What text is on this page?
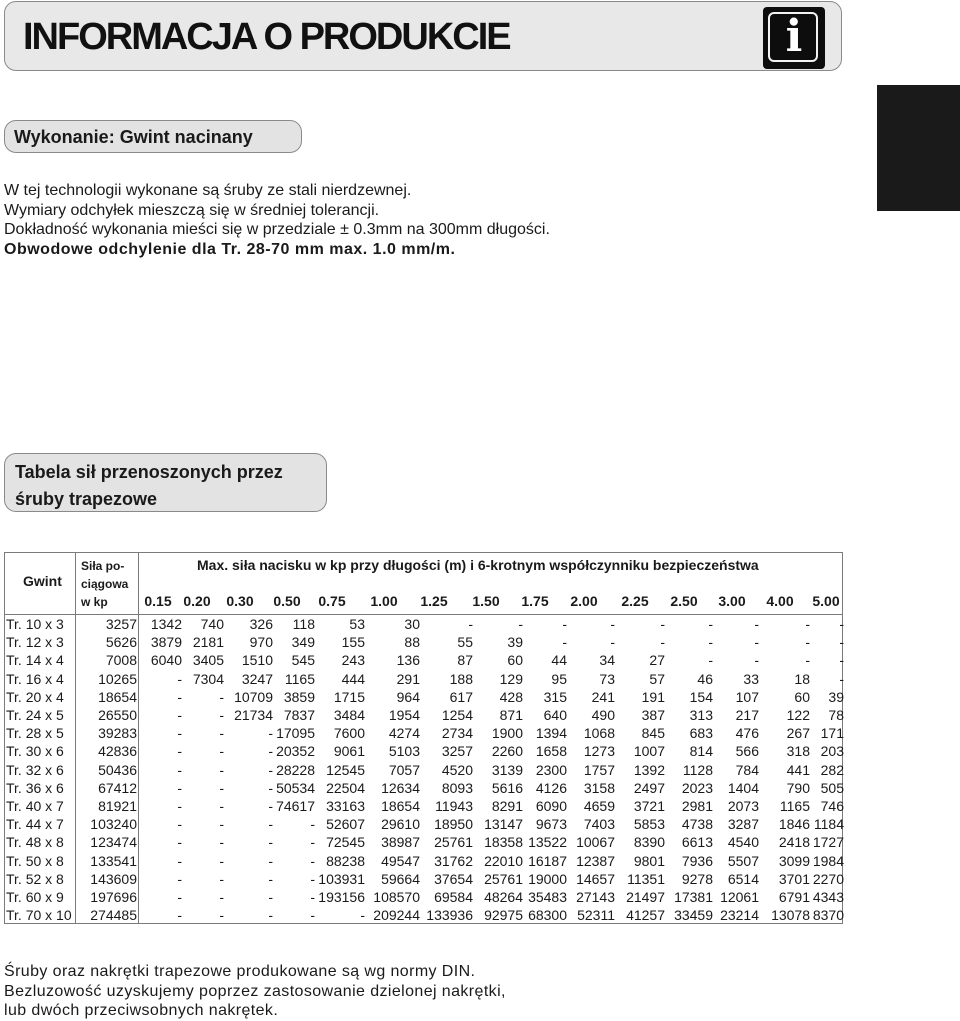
INFORMACJA O PRODUKCIE	i
Wykonanie: Gwint nacinany
W tej technologii wykonane są śruby ze stali nierdzewnej.
Wymiary odchyłek mieszczą się w średniej tolerancji.
Dokładność wykonania mieści się w przedziale ± 0.3mm na 300mm długości.
Obwodowe odchylenie dla Tr. 28-70 mm max. 1.0 mm/m.
Tabela sił przenoszonych przez
śruby trapezowe
Gwint
Siła po-
ciągowa
w kp
Max. siła nacisku w kp przy długości (m) i 6-krotnym współczynniku bezpieczeństwa
0.15 0.20	0.30	0.50	0.75	1.00	1.25	1.50	1.75	2.00	2.25	2.50	3.00	4.00	5.00
Tr. 10 x 3	3257 1342 740 326 118 53	30	-	-	-	-	-	-	-	- -
Tr. 12 x 3	5626 3879 2181 970 349 155	88	55 39	-	-	-	-	-	- -
Tr. 14 x 4	7008 6040 3405 1510 545 243 136	87 60 44 34 27	-	-	- -
Tr. 16 x 4 10265	- 7304 3247 1165 444 291 188 129 95 73 57 46 33	18 -
Tr. 20 x 4 18654	-	- 10709 3859 1715 964 617 428 315 241 191 154 107	60 39
Tr. 24 x 5 26550	-	- 21734 7837 3484 1954 1254 871 640 490 387 313 217 122 78
Tr. 28 x 5 39283	-	-	- 17095 7600 4274 2734 1900 1394 1068 845 683 476 267 171
Tr. 30 x 6 42836	-	-	- 20352 9061 5103 3257 2260 1658 1273 1007 814 566 318 203
Tr. 32 x 6 50436	-	-	- 28228 12545 7057 4520 3139 2300 1757 1392 1128 784 441 282
Tr. 36 x 6 67412	-	-	- 50534 22504 12634 8093 5616 4126 3158 2497 2023 1404 790 505
Tr. 40 x 7 81921	-	-	- 74617 33163 18654 11943 8291 6090 4659 3721 2981 2073 1165 746
Tr. 44 x 7 103240	-	-	-	- 52607 29610 18950 13147 9673 7403 5853 4738 3287 1846 1184
Tr. 48 x 8 123474	-	-	-	- 72545 38987 25761 18358 13522 10067 8390 6613 4540 2418 1727
Tr. 50 x 8 133541	-	-	-	- 88238 49547 31762 22010 16187 12387 9801 7936 5507 3099 1984
Tr. 52 x 8 143609	-	-	-	- 103931 59664 37654 25761 19000 14657 11351 9278 6514 3701 2270
Tr. 60 x 9 197696	-	-	-	- 193156 108570 69584 48264 35483 27143 21497 17381 12061 6791 4343
Tr. 70 x 10 274485	-	-	-	-	- 209244 133936 92975 68300 52311 41257 33459 23214 13078 8370
Śruby oraz nakrętki trapezowe produkowane są wg normy DIN.
Bezluzowość uzyskujemy poprzez zastosowanie dzielonej nakrętki,
lub dwóch przeciwsobnych nakrętek.
